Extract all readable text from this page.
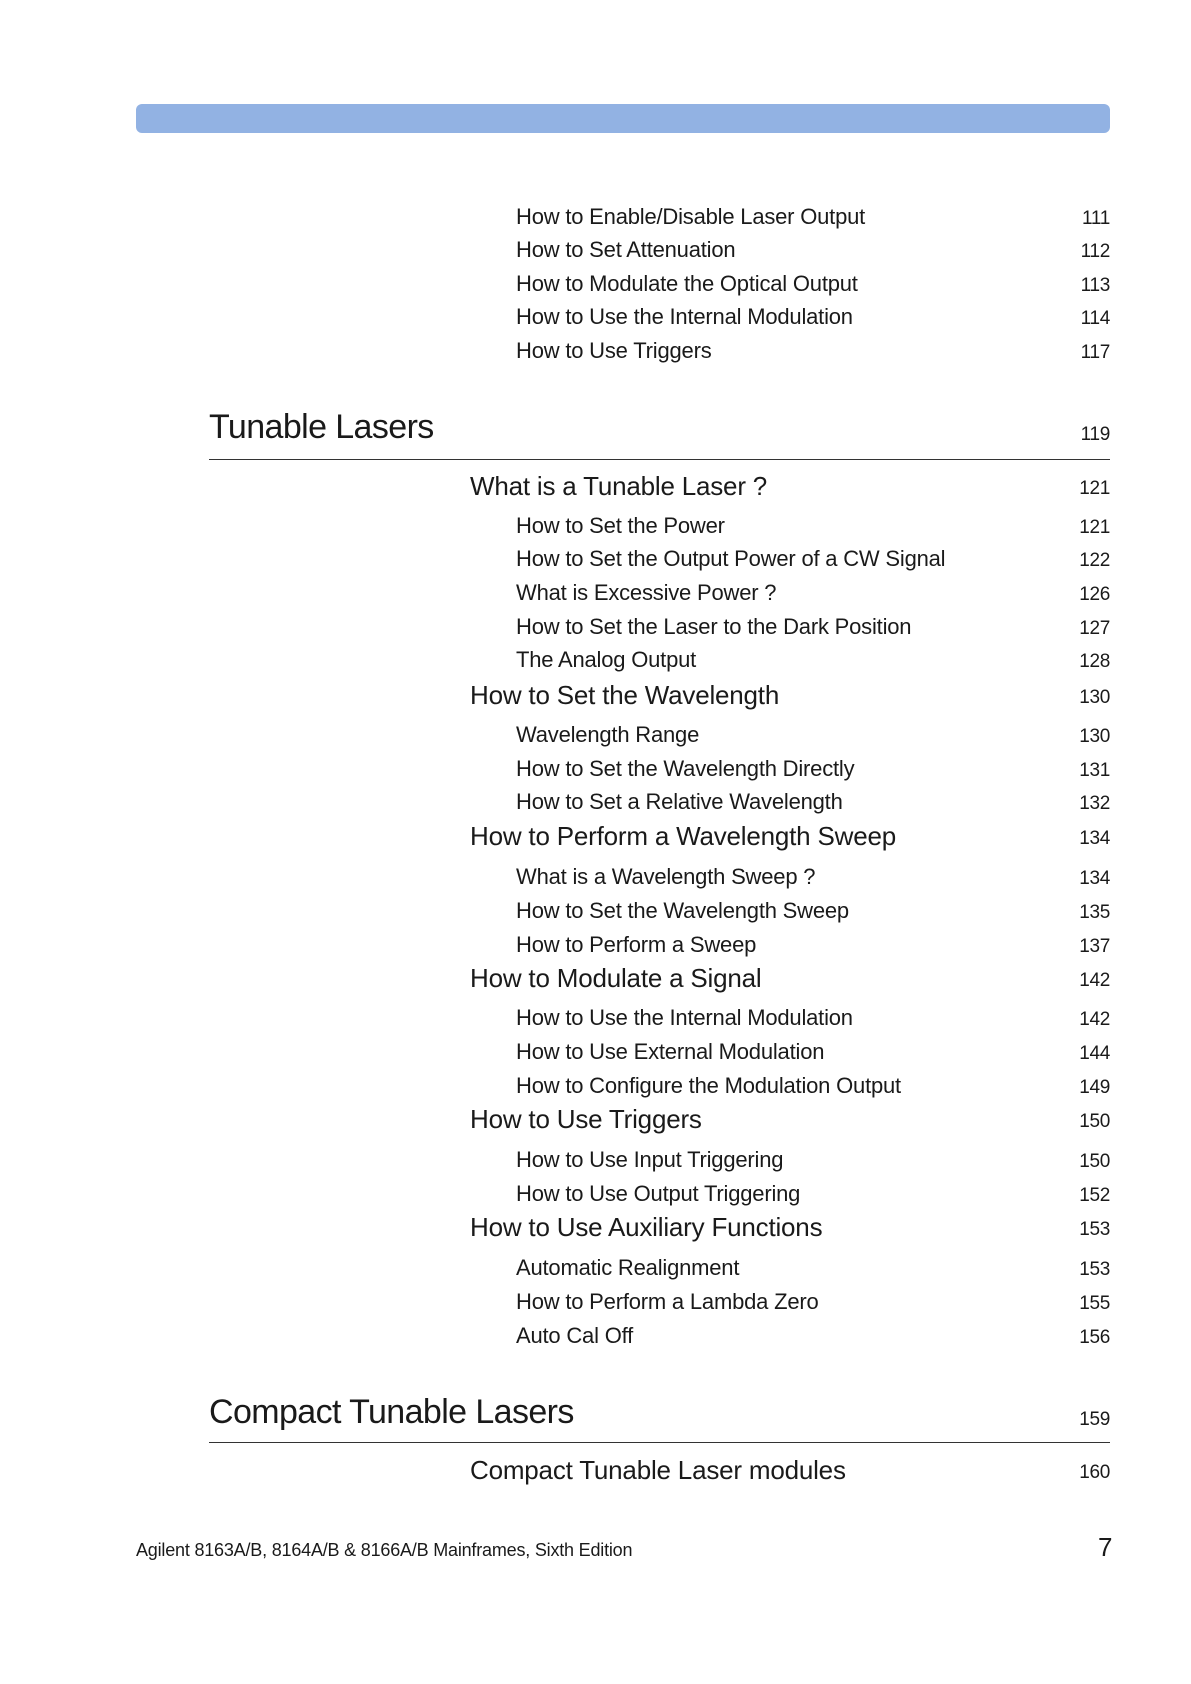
How to Enable/Disable Laser Output	111
How to Set Attenuation	112
How to Modulate the Optical Output	113
How to Use the Internal Modulation	114
How to Use Triggers	117
Tunable Lasers	119
What is a Tunable Laser ?	121
How to Set the Power	121
How to Set the Output Power of a CW Signal	122
What is Excessive Power ?	126
How to Set the Laser to the Dark Position	127
The Analog Output	128
How to Set the Wavelength	130
Wavelength Range	130
How to Set the Wavelength Directly	131
How to Set a Relative Wavelength	132
How to Perform a Wavelength Sweep	134
What is a Wavelength Sweep ?	134
How to Set the Wavelength Sweep	135
How to Perform a Sweep	137
How to Modulate a Signal	142
How to Use the Internal Modulation	142
How to Use External Modulation	144
How to Configure the Modulation Output	149
How to Use Triggers	150
How to Use Input Triggering	150
How to Use Output Triggering	152
How to Use Auxiliary Functions	153
Automatic Realignment	153
How to Perform a Lambda Zero	155
Auto Cal Off	156
Compact Tunable Lasers	159
Compact Tunable Laser modules	160
Agilent 8163A/B, 8164A/B & 8166A/B Mainframes, Sixth Edition	7
